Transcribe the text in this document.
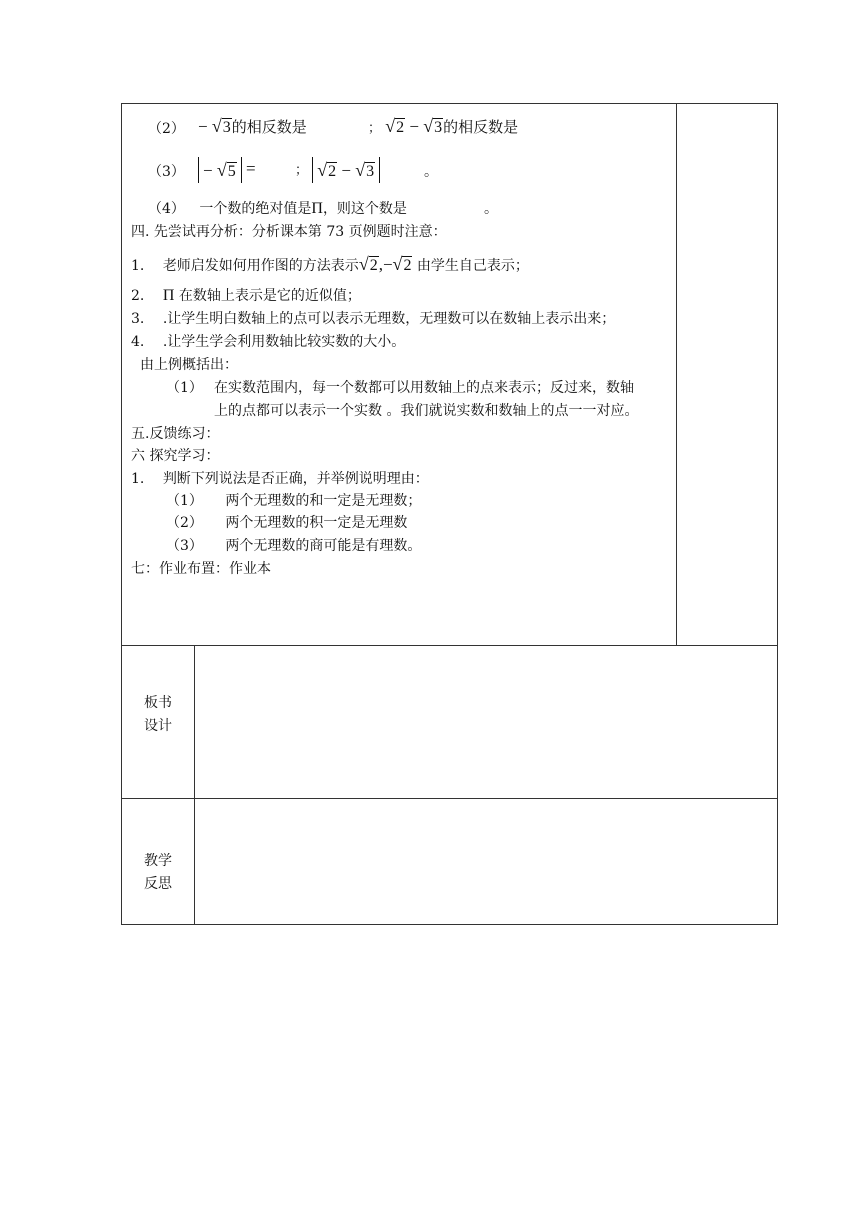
（2） − √3的相反数是	； √2 − √3的相反数是
（3） − √5 =	； √2 − √3	。
（4） 一个数的绝对值是Π，则这个数是	。
四. 先尝试再分析：分析课本第 73 页例题时注意：
1. 老师启发如何用作图的方法表示√2,−√2 由学生自己表示；
2. Π 在数轴上表示是它的近似值；
3. .让学生明白数轴上的点可以表示无理数，无理数可以在数轴上表示出来；
4. .让学生学会利用数轴比较实数的大小。
由上例概括出：
（1） 在实数范围内，每一个数都可以用数轴上的点来表示；反过来，数轴
上的点都可以表示一个实数 。我们就说实数和数轴上的点一一对应。
五.反馈练习：
六 探究学习：
1. 判断下列说法是否正确，并举例说明理由：
（1） 两个无理数的和一定是无理数；
（2） 两个无理数的积一定是无理数
（3） 两个无理数的商可能是有理数。
七：作业布置：作业本
板书
设计
教学
反思
